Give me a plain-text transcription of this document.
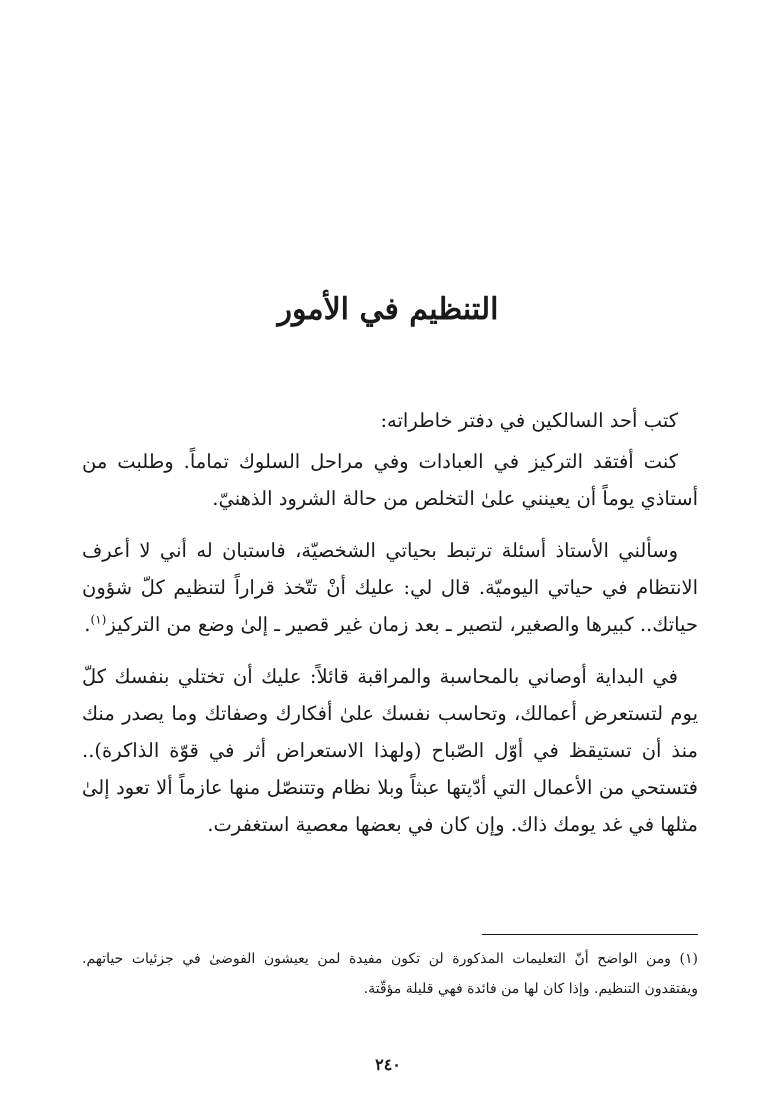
التنظيم في الأمور

كتب أحد السالكين في دفتر خاطراته:

كنت أفتقد التركيز في العبادات وفي مراحل السلوك تماماً. وطلبت من أستاذي يوماً أن يعينني علىٰ التخلص من حالة الشرود الذهنيّ.

وسألني الأستاذ أسئلة ترتبط بحياتي الشخصيّة، فاستبان له أني لا أعرف الانتظام في حياتي اليوميّة. قال لي: عليك أنْ تتّخذ قراراً لتنظيم كلّ شؤون حياتك.. كبيرها والصغير، لتصير ـ بعد زمان غير قصير ـ إلىٰ وضع من التركيز$^{(١)}$.

في البداية أوصاني بالمحاسبة والمراقبة قائلاً: عليك أن تختلي بنفسك كلّ يوم لتستعرض أعمالك، وتحاسب نفسك علىٰ أفكارك وصفاتك وما يصدر منك منذ أن تستيقظ في أوّل الصّباح (ولهذا الاستعراض أثر في قوّة الذاكرة).. فتستحي من الأعمال التي أدّيتها عبثاً وبلا نظام وتتنصّل منها عازماً ألا تعود إلىٰ مثلها في غد يومك ذاك. وإن كان في بعضها معصية استغفرت.

(١) ومن الواضح أنّ التعليمات المذكورة لن تكون مفيدة لمن يعيشون الفوضىٰ في جزئيات حياتهم. ويفتقدون التنظيم. وإذا كان لها من فائدة فهي قليلة مؤقّتة.

٢٤٠
